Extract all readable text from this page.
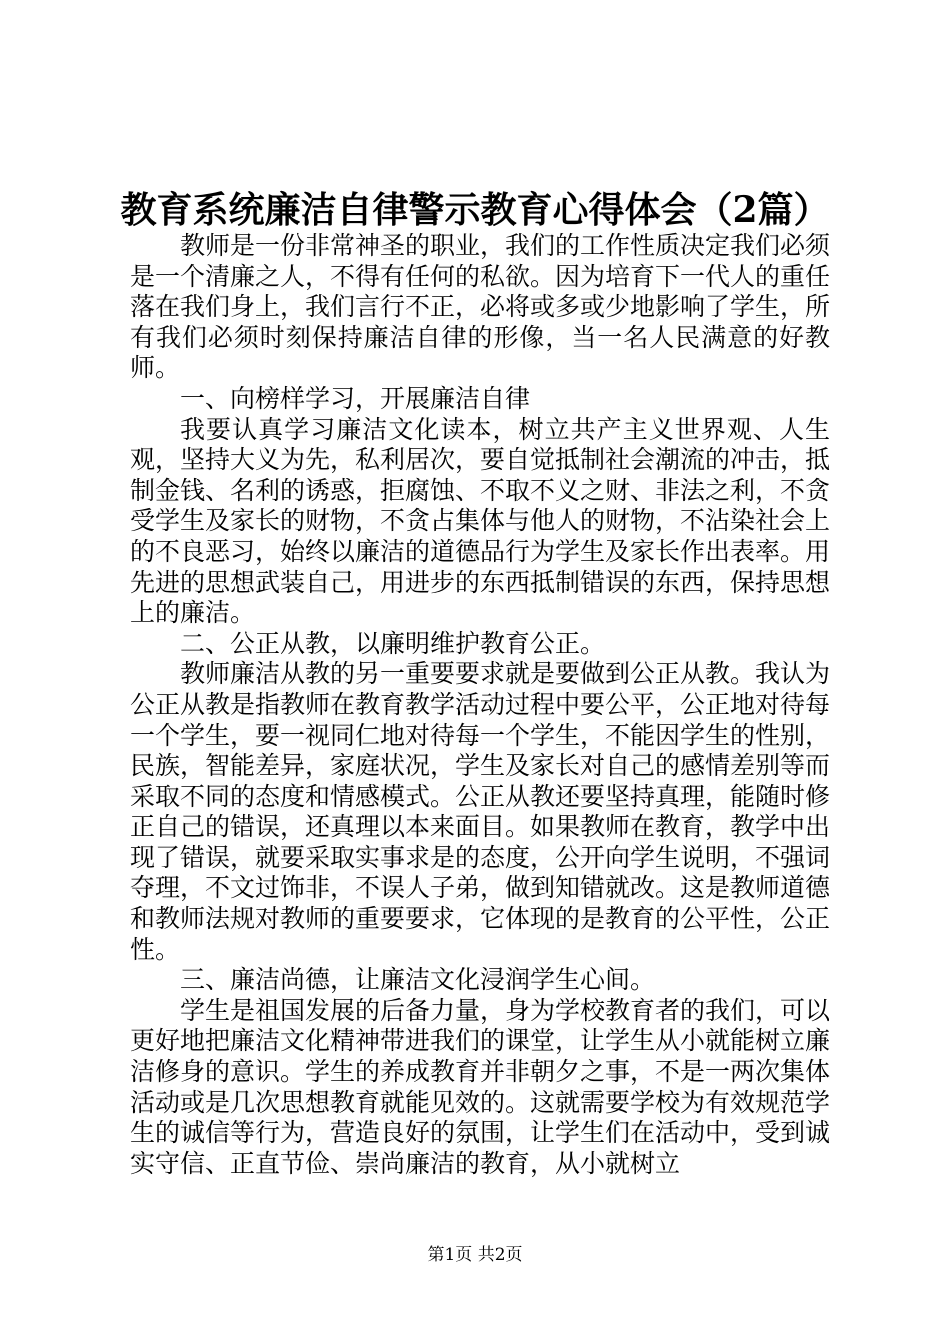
教育系统廉洁自律警示教育心得体会（2篇）

教师是一份非常神圣的职业，我们的工作性质决定我们必须是一个清廉之人，不得有任何的私欲。因为培育下一代人的重任落在我们身上，我们言行不正，必将或多或少地影响了学生，所有我们必须时刻保持廉洁自律的形像，当一名人民满意的好教师。

一、向榜样学习，开展廉洁自律

我要认真学习廉洁文化读本，树立共产主义世界观、人生观，坚持大义为先，私利居次，要自觉抵制社会潮流的冲击，抵制金钱、名利的诱惑，拒腐蚀、不取不义之财、非法之利，不贪受学生及家长的财物，不贪占集体与他人的财物，不沾染社会上的不良恶习，始终以廉洁的道德品行为学生及家长作出表率。用先进的思想武装自己，用进步的东西抵制错误的东西，保持思想上的廉洁。

二、公正从教，以廉明维护教育公正。

教师廉洁从教的另一重要要求就是要做到公正从教。我认为公正从教是指教师在教育教学活动过程中要公平，公正地对待每一个学生，要一视同仁地对待每一个学生，不能因学生的性别，民族，智能差异，家庭状况，学生及家长对自己的感情差别等而采取不同的态度和情感模式。公正从教还要坚持真理，能随时修正自己的错误，还真理以本来面目。如果教师在教育，教学中出现了错误，就要采取实事求是的态度，公开向学生说明，不强词夺理，不文过饰非，不误人子弟，做到知错就改。这是教师道德和教师法规对教师的重要要求，它体现的是教育的公平性，公正性。

三、廉洁尚德，让廉洁文化浸润学生心间。

学生是祖国发展的后备力量，身为学校教育者的我们，可以更好地把廉洁文化精神带进我们的课堂，让学生从小就能树立廉洁修身的意识。学生的养成教育并非朝夕之事，不是一两次集体活动或是几次思想教育就能见效的。这就需要学校为有效规范学生的诚信等行为，营造良好的氛围，让学生们在活动中，受到诚实守信、正直节俭、崇尚廉洁的教育，从小就树立

第1页 共2页
